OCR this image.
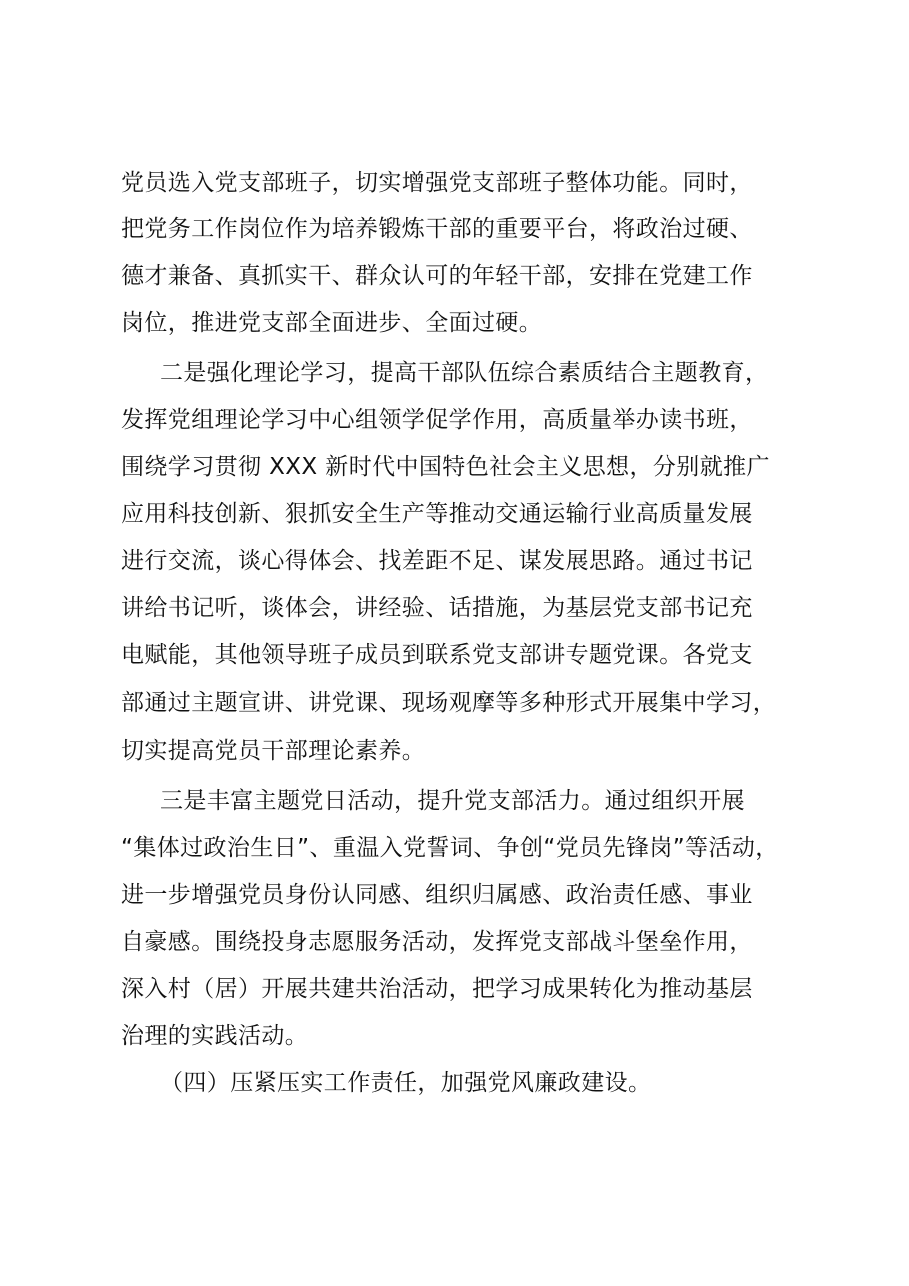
党员选入党支部班子，切实增强党支部班子整体功能。同时，
把党务工作岗位作为培养锻炼干部的重要平台，将政治过硬、
德才兼备、真抓实干、群众认可的年轻干部，安排在党建工作
岗位，推进党支部全面进步、全面过硬。
二是强化理论学习，提高干部队伍综合素质结合主题教育，
发挥党组理论学习中心组领学促学作用，高质量举办读书班，
围绕学习贯彻 XXX 新时代中国特色社会主义思想，分别就推广
应用科技创新、狠抓安全生产等推动交通运输行业高质量发展
进行交流，谈心得体会、找差距不足、谋发展思路。通过书记
讲给书记听，谈体会，讲经验、话措施，为基层党支部书记充
电赋能，其他领导班子成员到联系党支部讲专题党课。各党支
部通过主题宣讲、讲党课、现场观摩等多种形式开展集中学习，
切实提高党员干部理论素养。
三是丰富主题党日活动，提升党支部活力。通过组织开展
“集体过政治生日”、重温入党誓词、争创“党员先锋岗”等活动，
进一步增强党员身份认同感、组织归属感、政治责任感、事业
自豪感。围绕投身志愿服务活动，发挥党支部战斗堡垒作用，
深入村（居）开展共建共治活动，把学习成果转化为推动基层
治理的实践活动。
（四）压紧压实工作责任，加强党风廉政建设。
